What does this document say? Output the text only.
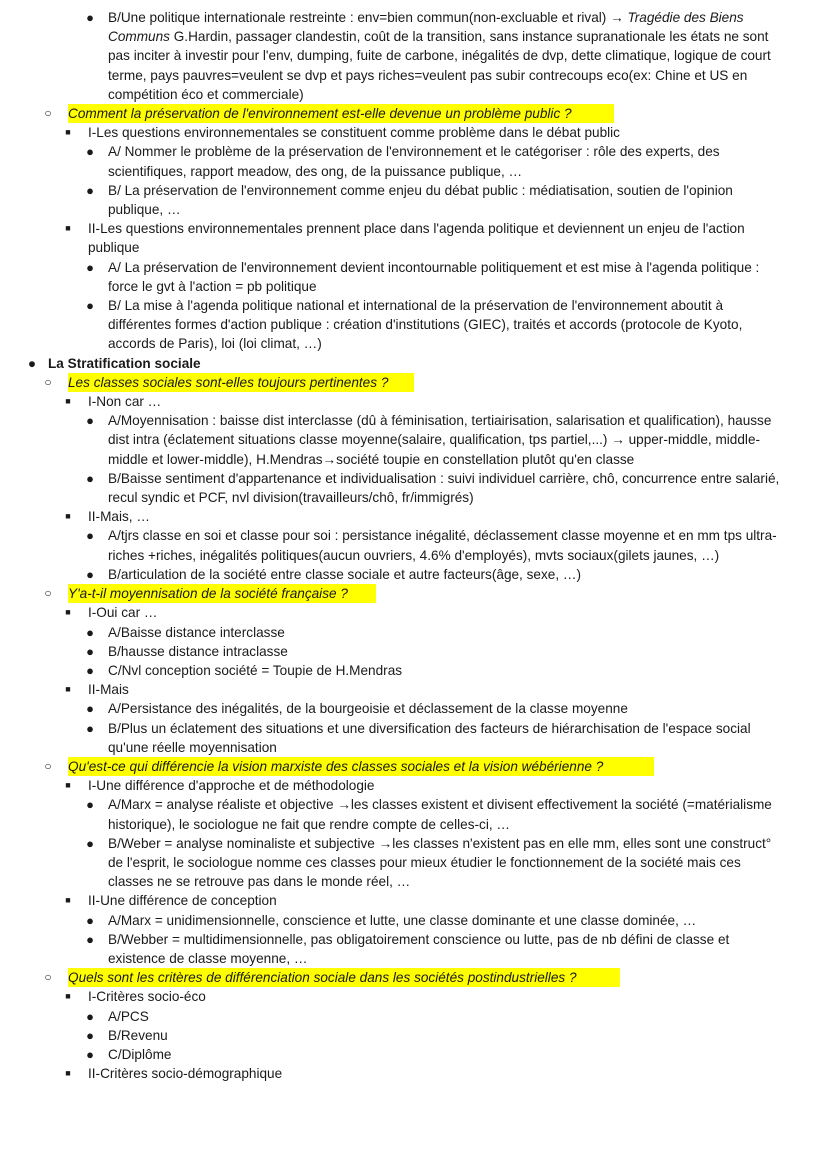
● B/Une politique internationale restreinte : env=bien commun(non-excluable et rival) → Tragédie des Biens Communs G.Hardin, passager clandestin, coût de la transition, sans instance supranationale les états ne sont pas inciter à investir pour l'env, dumping, fuite de carbone, inégalités de dvp, dette climatique, logique de court terme, pays pauvres=veulent se dvp et pays riches=veulent pas subir contrecoups eco(ex: Chine et US en compétition éco et commerciale)
○ Comment la préservation de l'environnement est-elle devenue un problème public ?
■ I-Les questions environnementales se constituent comme problème dans le débat public
● A/ Nommer le problème de la préservation de l'environnement et le catégoriser : rôle des experts, des scientifiques, rapport meadow, des ong, de la puissance publique, …
● B/ La préservation de l'environnement comme enjeu du débat public : médiatisation, soutien de l'opinion publique, …
■ II-Les questions environnementales prennent place dans l'agenda politique et deviennent un enjeu de l'action publique
● A/ La préservation de l'environnement devient incontournable politiquement et est mise à l'agenda politique : force le gvt à l'action = pb politique
● B/ La mise à l'agenda politique national et international de la préservation de l'environnement aboutit à différentes formes d'action publique : création d'institutions (GIEC), traités et accords (protocole de Kyoto, accords de Paris), loi (loi climat, …)
● La Stratification sociale
○ Les classes sociales sont-elles toujours pertinentes ?
■ I-Non car …
● A/Moyennisation : baisse dist interclasse (dû à féminisation, tertiairisation, salarisation et qualification), hausse dist intra (éclatement situations classe moyenne(salaire, qualification, tps partiel,...) → upper-middle, middle-middle et lower-middle), H.Mendras→société toupie en constellation plutôt qu'en classe
● B/Baisse sentiment d'appartenance et individualisation : suivi individuel carrière, chô, concurrence entre salarié, recul syndic et PCF, nvl division(travailleurs/chô, fr/immigrés)
■ II-Mais, …
● A/tjrs classe en soi et classe pour soi : persistance inégalité, déclassement classe moyenne et en mm tps ultra-riches +riches, inégalités politiques(aucun ouvriers, 4.6% d'employés), mvts sociaux(gilets jaunes, …)
● B/articulation de la société entre classe sociale et autre facteurs(âge, sexe, …)
○ Y'a-t-il moyennisation de la société française ?
■ I-Oui car …
● A/Baisse distance interclasse
● B/hausse distance intraclasse
● C/Nvl conception société = Toupie de H.Mendras
■ II-Mais
● A/Persistance des inégalités, de la bourgeoisie et déclassement de la classe moyenne
● B/Plus un éclatement des situations et une diversification des facteurs de hiérarchisation de l'espace social qu'une réelle moyennisation
○ Qu'est-ce qui différencie la vision marxiste des classes sociales et la vision wébérienne ?
■ I-Une différence d'approche et de méthodologie
● A/Marx = analyse réaliste et objective →les classes existent et divisent effectivement la société (=matérialisme historique), le sociologue ne fait que rendre compte de celles-ci, …
● B/Weber = analyse nominaliste et subjective →les classes n'existent pas en elle mm, elles sont une construct° de l'esprit, le sociologue nomme ces classes pour mieux étudier le fonctionnement de la société mais ces classes ne se retrouve pas dans le monde réel, …
■ II-Une différence de conception
● A/Marx = unidimensionnelle, conscience et lutte, une classe dominante et une classe dominée, …
● B/Webber = multidimensionnelle, pas obligatoirement conscience ou lutte, pas de nb défini de classe et existence de classe moyenne, …
○ Quels sont les critères de différenciation sociale dans les sociétés postindustrielles ?
■ I-Critères socio-éco
● A/PCS
● B/Revenu
● C/Diplôme
■ II-Critères socio-démographique
